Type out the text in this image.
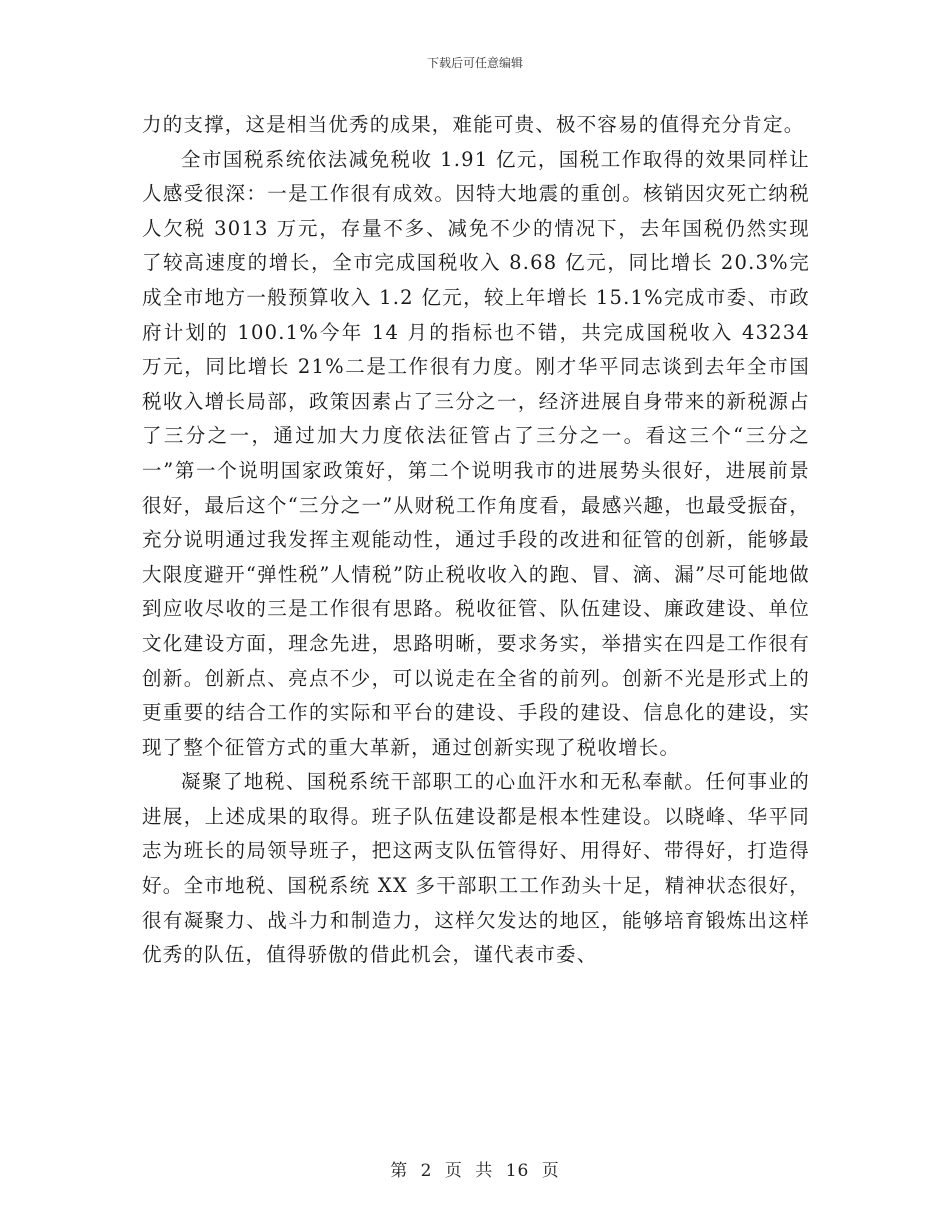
下载后可任意编辑

力的支撑，这是相当优秀的成果，难能可贵、极不容易的值得充分肯定。

全市国税系统依法减免税收 1.91 亿元，国税工作取得的效果同样让人感受很深：一是工作很有成效。因特大地震的重创。核销因灾死亡纳税人欠税 3013 万元，存量不多、减免不少的情况下，去年国税仍然实现了较高速度的增长，全市完成国税收入 8.68 亿元，同比增长 20.3%完成全市地方一般预算收入 1.2 亿元，较上年增长 15.1%完成市委、市政府计划的 100.1%今年 14 月的指标也不错，共完成国税收入 43234 万元，同比增长 21%二是工作很有力度。刚才华平同志谈到去年全市国税收入增长局部，政策因素占了三分之一，经济进展自身带来的新税源占了三分之一，通过加大力度依法征管占了三分之一。看这三个“三分之一”第一个说明国家政策好，第二个说明我市的进展势头很好，进展前景很好，最后这个“三分之一”从财税工作角度看，最感兴趣，也最受振奋，充分说明通过我发挥主观能动性，通过手段的改进和征管的创新，能够最大限度避开“弹性税”人情税”防止税收收入的跑、冒、滴、漏”尽可能地做到应收尽收的三是工作很有思路。税收征管、队伍建设、廉政建设、单位文化建设方面，理念先进，思路明晰，要求务实，举措实在四是工作很有创新。创新点、亮点不少，可以说走在全省的前列。创新不光是形式上的更重要的结合工作的实际和平台的建设、手段的建设、信息化的建设，实现了整个征管方式的重大革新，通过创新实现了税收增长。

凝聚了地税、国税系统干部职工的心血汗水和无私奉献。任何事业的进展，上述成果的取得。班子队伍建设都是根本性建设。以晓峰、华平同志为班长的局领导班子，把这两支队伍管得好、用得好、带得好，打造得好。全市地税、国税系统 XX 多干部职工工作劲头十足，精神状态很好，很有凝聚力、战斗力和制造力，这样欠发达的地区，能够培育锻炼出这样优秀的队伍，值得骄傲的借此机会，谨代表市委、

第 2 页 共 16 页
